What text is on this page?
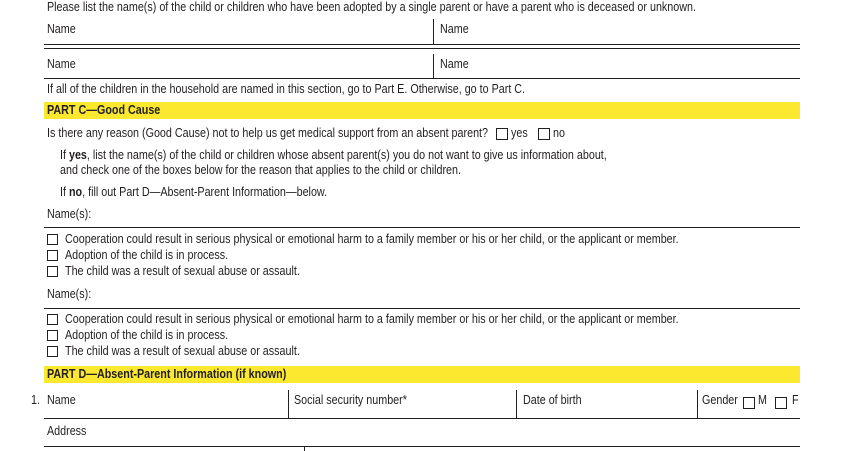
Please list the name(s) of the child or children who have been adopted by a single parent or have a parent who is deceased or unknown.
Name	Name
Name	Name
If all of the children in the household are named in this section, go to Part E. Otherwise, go to Part C.
PART C—Good Cause
Is there any reason (Good Cause) not to help us get medical support from an absent parent? yes no
If yes, list the name(s) of the child or children whose absent parent(s) you do not want to give us information about,
and check one of the boxes below for the reason that applies to the child or children.
If no, fill out Part D—Absent-Parent Information—below.
Name(s):
Cooperation could result in serious physical or emotional harm to a family member or his or her child, or the applicant or member.
Adoption of the child is in process.
The child was a result of sexual abuse or assault.
Name(s):
Cooperation could result in serious physical or emotional harm to a family member or his or her child, or the applicant or member.
Adoption of the child is in process.
The child was a result of sexual abuse or assault.
PART D—Absent-Parent Information (if known)
1. Name	Social security number*	Date of birth	Gender M F
Address
